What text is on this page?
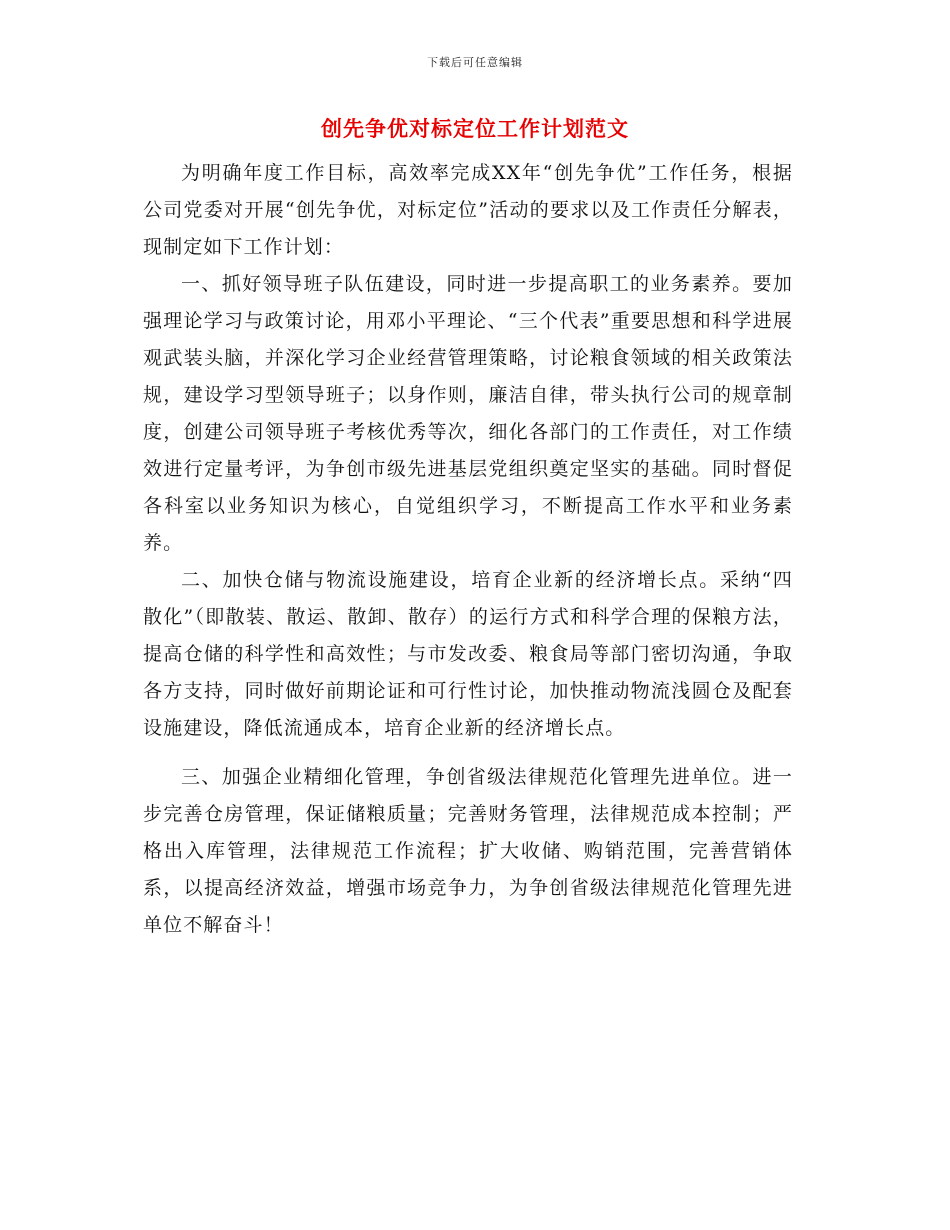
下载后可任意编辑
创先争优对标定位工作计划范文

为明确年度工作目标，高效率完成XX年“创先争优”工作任务，根据公司党委对开展“创先争优，对标定位”活动的要求以及工作责任分解表，现制定如下工作计划：

一、抓好领导班子队伍建设，同时进一步提高职工的业务素养。要加强理论学习与政策讨论，用邓小平理论、“三个代表”重要思想和科学进展观武装头脑，并深化学习企业经营管理策略，讨论粮食领域的相关政策法规，建设学习型领导班子；以身作则，廉洁自律，带头执行公司的规章制度，创建公司领导班子考核优秀等次，细化各部门的工作责任，对工作绩效进行定量考评，为争创市级先进基层党组织奠定坚实的基础。同时督促各科室以业务知识为核心，自觉组织学习，不断提高工作水平和业务素养。

二、加快仓储与物流设施建设，培育企业新的经济增长点。采纳“四散化”（即散装、散运、散卸、散存）的运行方式和科学合理的保粮方法，提高仓储的科学性和高效性；与市发改委、粮食局等部门密切沟通，争取各方支持，同时做好前期论证和可行性讨论，加快推动物流浅圆仓及配套设施建设，降低流通成本，培育企业新的经济增长点。

三、加强企业精细化管理，争创省级法律规范化管理先进单位。进一步完善仓房管理，保证储粮质量；完善财务管理，法律规范成本控制；严格出入库管理，法律规范工作流程；扩大收储、购销范围，完善营销体系，以提高经济效益，增强市场竞争力，为争创省级法律规范化管理先进单位不解奋斗！
